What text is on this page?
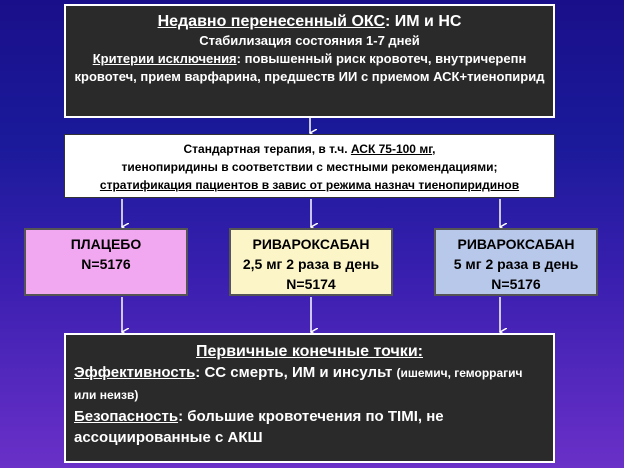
Недавно перенесенный ОКС: ИМ и НС
Стабилизация состояния 1-7 дней
Критерии исключения: повышенный риск кровотеч, внутричерепн кровотеч, прием варфарина, предшеств ИИ с приемом АСК+тиенопирид
Стандартная терапия, в т.ч. АСК 75-100 мг,
тиенопиридины в соответствии с местными рекомендациями;
стратификация пациентов в завис от режима назнач тиенопиридинов
ПЛАЦЕБО
N=5176
РИВАРОКСАБАН
2,5 мг 2 раза в день
N=5174
РИВАРОКСАБАН
5 мг 2 раза в день
N=5176
Первичные конечные точки:
Эффективность: СС смерть, ИМ и инсульт (ишемич, геморрагич или неизв)
Безопасность: большие кровотечения по TIMI, не ассоциированные с АКШ
